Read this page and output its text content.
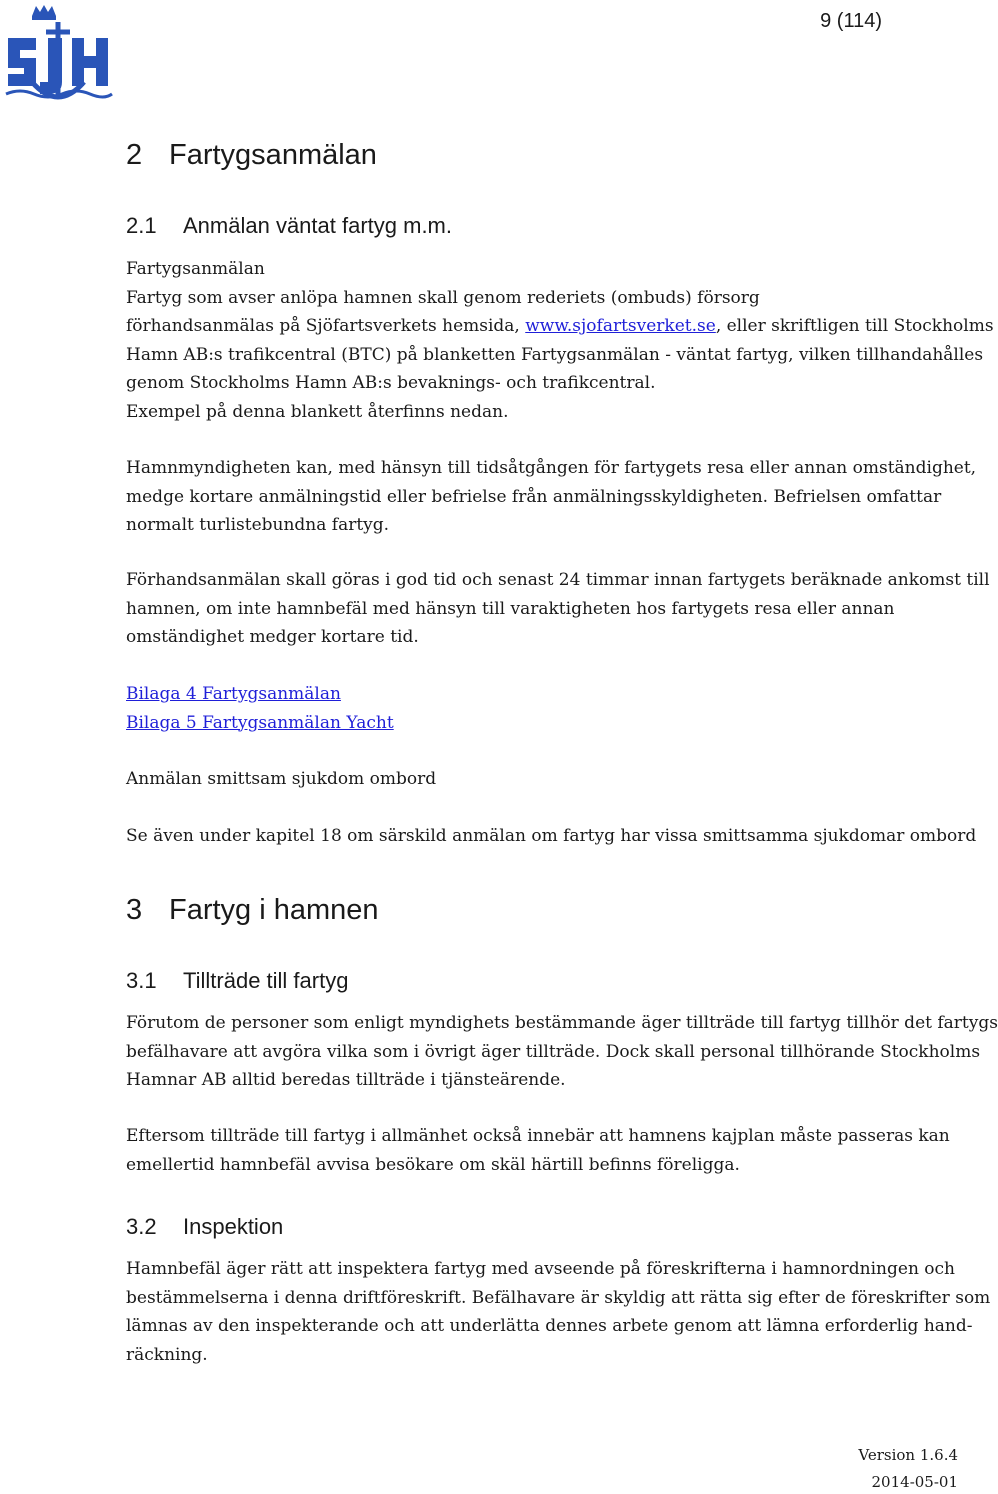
9 (114)
2 Fartygsanmälan
2.1 Anmälan väntat fartyg m.m.
Fartygsanmälan
Fartyg som avser anlöpa hamnen skall genom rederiets (ombuds) försorg
förhandsanmälas på Sjöfartsverkets hemsida, www.sjofartsverket.se, eller skriftligen till Stockholms
Hamn AB:s trafikcentral (BTC) på blanketten Fartygsanmälan - väntat fartyg, vilken tillhandahålles
genom Stockholms Hamn AB:s bevaknings- och trafikcentral.
Exempel på denna blankett återfinns nedan.
Hamnmyndigheten kan, med hänsyn till tidsåtgången för fartygets resa eller annan omständighet,
medge kortare anmälningstid eller befrielse från anmälningsskyldigheten. Befrielsen omfattar
normalt turlistebundna fartyg.
Förhandsanmälan skall göras i god tid och senast 24 timmar innan fartygets beräknade ankomst till
hamnen, om inte hamnbefäl med hänsyn till varaktigheten hos fartygets resa eller annan
omständighet medger kortare tid.
Bilaga 4 Fartygsanmälan
Bilaga 5 Fartygsanmälan Yacht
Anmälan smittsam sjukdom ombord
Se även under kapitel 18 om särskild anmälan om fartyg har vissa smittsamma sjukdomar ombord
3 Fartyg i hamnen
3.1 Tillträde till fartyg
Förutom de personer som enligt myndighets bestämmande äger tillträde till fartyg tillhör det fartygs
befälhavare att avgöra vilka som i övrigt äger tillträde. Dock skall personal tillhörande Stockholms
Hamnar AB alltid beredas tillträde i tjänsteärende.
Eftersom tillträde till fartyg i allmänhet också innebär att hamnens kajplan måste passeras kan
emellertid hamnbefäl avvisa besökare om skäl härtill befinns föreligga.
3.2 Inspektion
Hamnbefäl äger rätt att inspektera fartyg med avseende på föreskrifterna i hamnordningen och
bestämmelserna i denna driftföreskrift. Befälhavare är skyldig att rätta sig efter de föreskrifter som
lämnas av den inspekterande och att underlätta dennes arbete genom att lämna erforderlig hand-
räckning.
Version 1.6.4
2014-05-01
